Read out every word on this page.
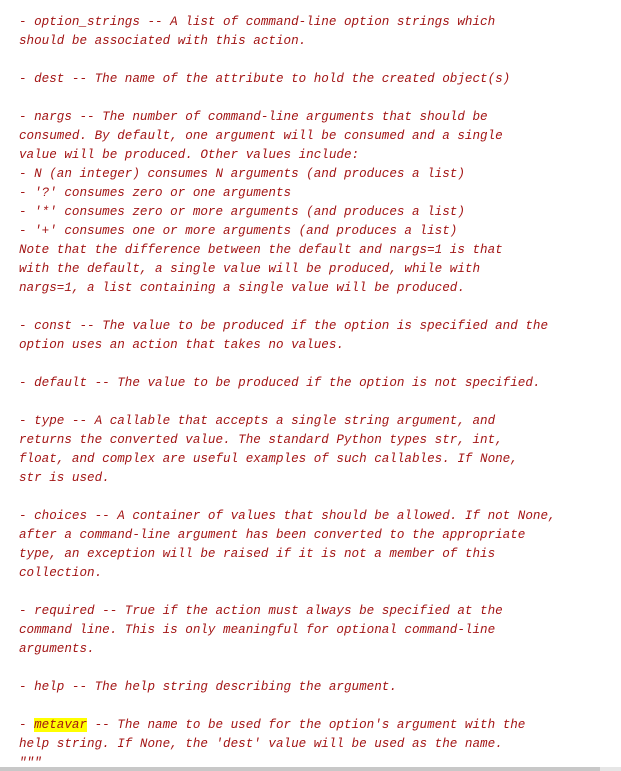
- option_strings -- A list of command-line option strings which
should be associated with this action.
- dest -- The name of the attribute to hold the created object(s)
- nargs -- The number of command-line arguments that should be
consumed. By default, one argument will be consumed and a single
value will be produced. Other values include:
- N (an integer) consumes N arguments (and produces a list)
- '?' consumes zero or one arguments
- '*' consumes zero or more arguments (and produces a list)
- '+' consumes one or more arguments (and produces a list)
Note that the difference between the default and nargs=1 is that
with the default, a single value will be produced, while with
nargs=1, a list containing a single value will be produced.
- const -- The value to be produced if the option is specified and the
option uses an action that takes no values.
- default -- The value to be produced if the option is not specified.
- type -- A callable that accepts a single string argument, and
returns the converted value. The standard Python types str, int,
float, and complex are useful examples of such callables. If None,
str is used.
- choices -- A container of values that should be allowed. If not None,
after a command-line argument has been converted to the appropriate
type, an exception will be raised if it is not a member of this
collection.
- required -- True if the action must always be specified at the
command line. This is only meaningful for optional command-line
arguments.
- help -- The help string describing the argument.
- metavar -- The name to be used for the option's argument with the
help string. If None, the 'dest' value will be used as the name.
"""
